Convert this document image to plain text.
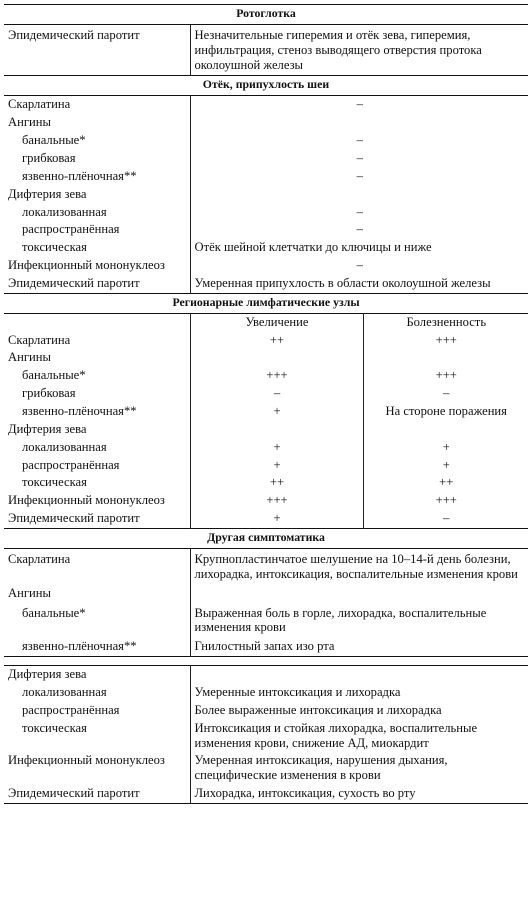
Ротоглотка		
Эпидемический паротит	Незначительные гиперемия и отёк зева, гиперемия, инфильтрация, стеноз выводящего отверстия протока околоушной железы	
Отёк, припухлость шеи		
Скарлатина	–	
Ангины		
банальные*	–	
грибковая	–	
язвенно-плёночная**	–	
Дифтерия зева		
локализованная	–	
распространённая	–	
токсическая	Отёк шейной клетчатки до ключицы и ниже	
Инфекционный мононуклеоз	–	
Эпидемический паротит	Умеренная припухлость в области околоушной железы	
Регионарные лимфатические узлы		
	Увеличение	Болезненность
Скарлатина	++	+++
Ангины		
банальные*	+++	+++
грибковая	–	–
язвенно-плёночная**	+	На стороне поражения
Дифтерия зева		
локализованная	+	+
распространённая	+	+
токсическая	++	++
Инфекционный мононуклеоз	+++	+++
Эпидемический паротит	+	–
Другая симптоматика		
Скарлатина	Крупнопластинчатое шелушение на 10–14-й день болезни, лихорадка, интоксикация, воспалительные изменения крови	
Ангины		
банальные*	Выраженная боль в горле, лихорадка, воспалительные изменения крови	
язвенно-плёночная**	Гнилостный запах изо рта	

Дифтерия зева		
локализованная	Умеренные интоксикация и лихорадка	
распространённая	Более выраженные интоксикация и лихорадка	
токсическая	Интоксикация и стойкая лихорадка, воспалительные изменения крови, снижение АД, миокардит	
Инфекционный мононуклеоз	Умеренная интоксикация, нарушения дыхания, специфические изменения в крови	
Эпидемический паротит	Лихорадка, интоксикация, сухость во рту	
